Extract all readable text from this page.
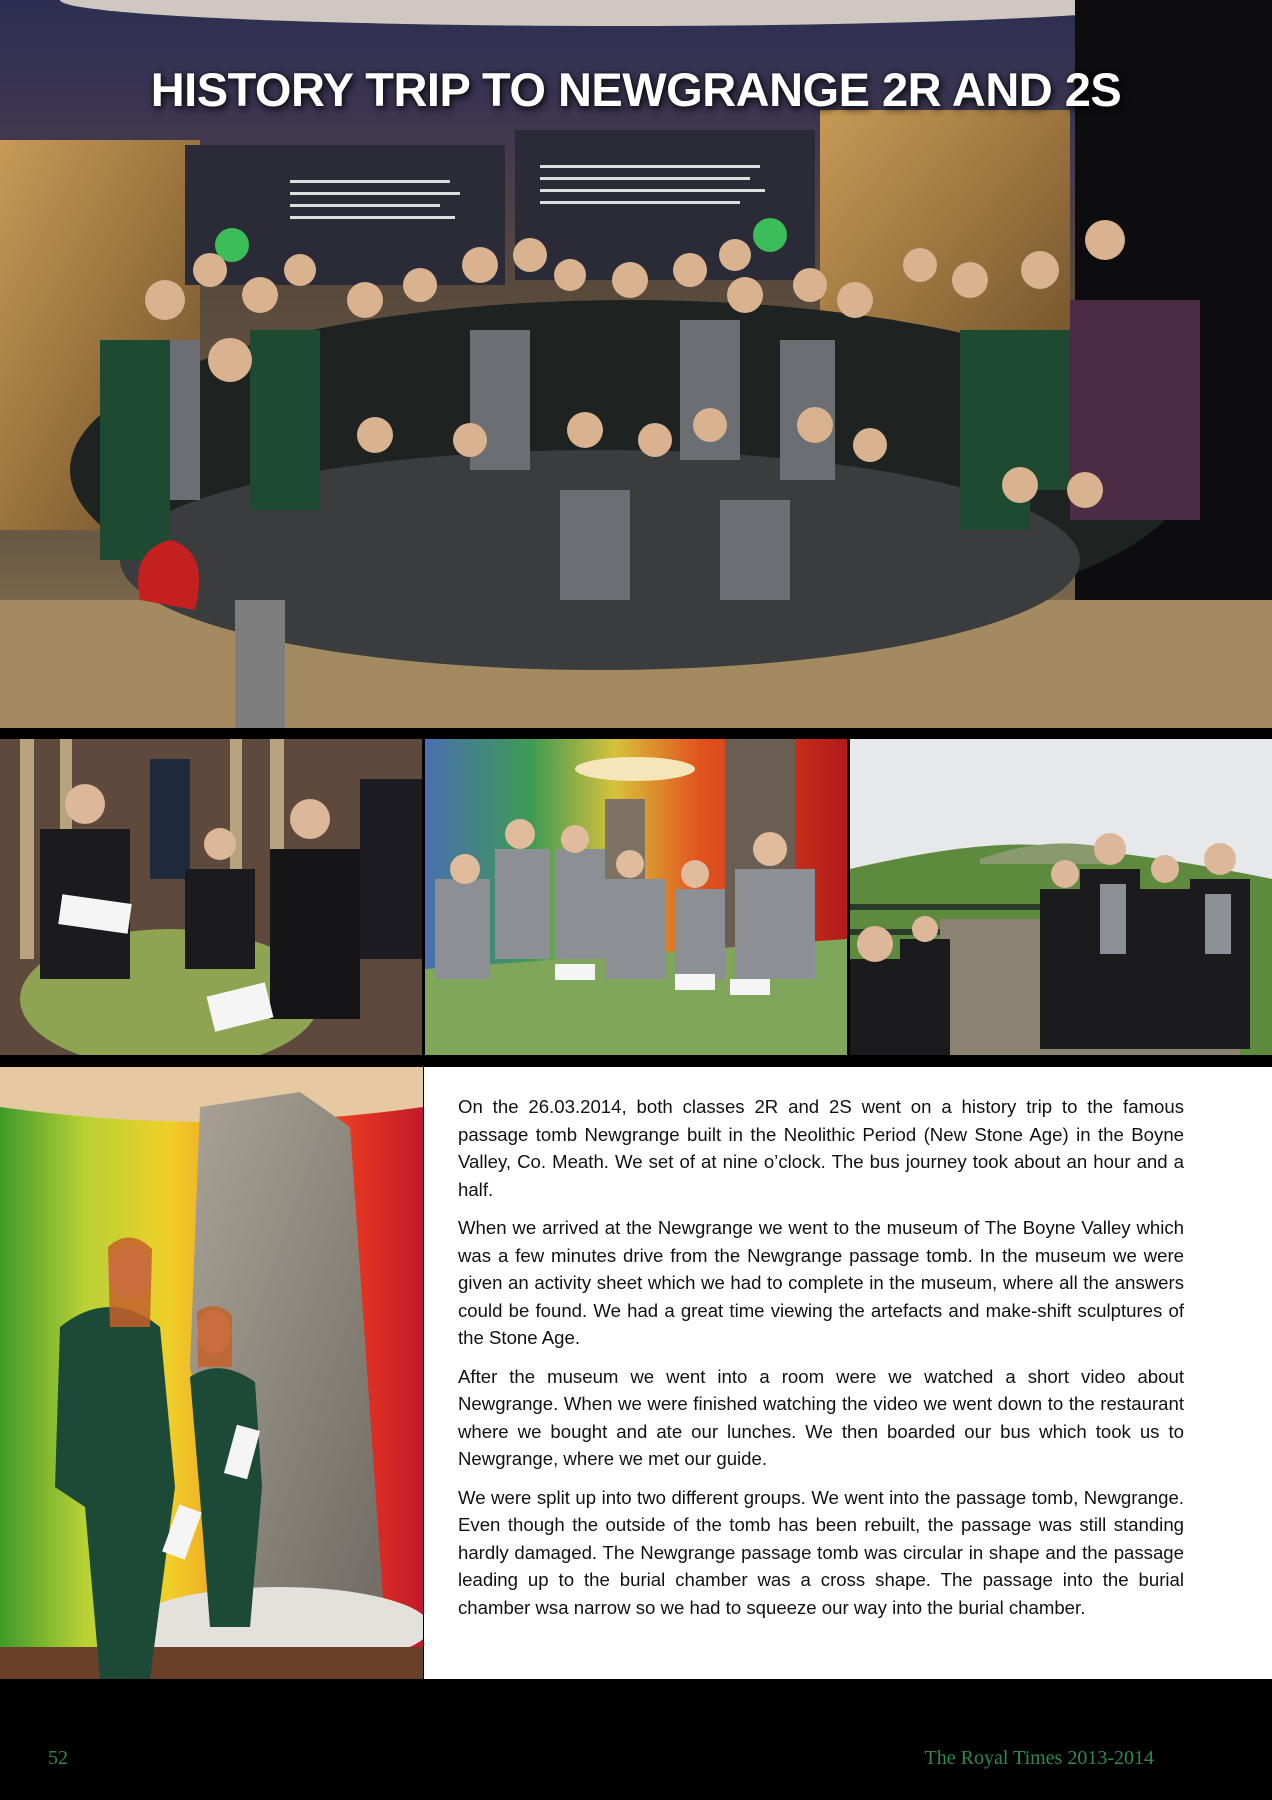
HISTORY TRIP TO NEWGRANGE 2R AND 2S

On the 26.03.2014, both classes 2R and 2S went on a history trip to the famous passage tomb Newgrange built in the Neolithic Period (New Stone Age) in the Boyne Valley, Co. Meath. We set of at nine o’clock. The bus journey took about an hour and a half.

When we arrived at the Newgrange we went to the museum of The Boyne Valley which was a few minutes drive from the Newgrange passage tomb. In the museum we were given an activity sheet which we had to complete in the museum, where all the answers could be found. We had a great time viewing the artefacts and make-shift sculptures of the Stone Age.

After the museum we went into a room were we watched a short video about Newgrange. When we were finished watching the video we went down to the restaurant where we bought and ate our lunches. We then boarded our bus which took us to Newgrange, where we met our guide.

We were split up into two different groups. We went into the passage tomb, Newgrange. Even though the outside of the tomb has been rebuilt, the passage was still standing hardly damaged. The Newgrange passage tomb was circular in shape and the passage leading up to the burial chamber was a cross shape. The passage into the burial chamber wsa narrow so we had to squeeze our way into the burial chamber.

52	The Royal Times 2013-2014
